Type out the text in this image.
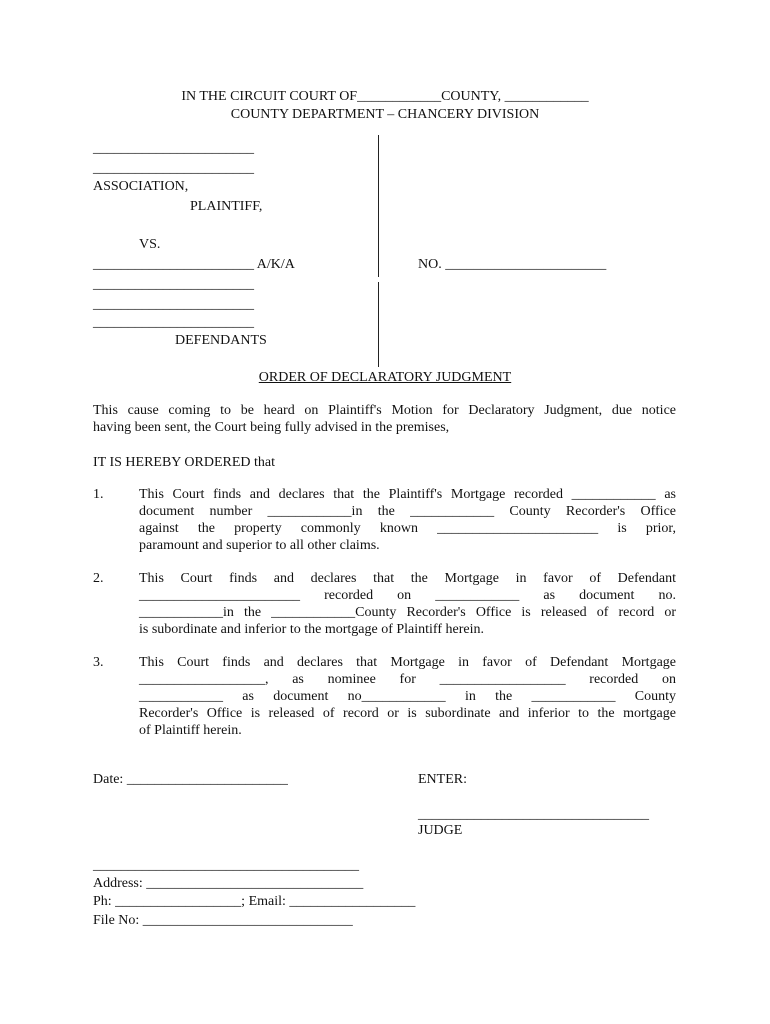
IN THE CIRCUIT COURT OF____________COUNTY, ____________
COUNTY DEPARTMENT – CHANCERY DIVISION
_______________________
_______________________
ASSOCIATION,
PLAINTIFF,
VS.
_______________________ A/K/A
_______________________
_______________________
_______________________
DEFENDANTS
NO. _______________________
ORDER OF DECLARATORY JUDGMENT
This cause coming to be heard on Plaintiff's Motion for Declaratory Judgment, due notice
having been sent, the Court being fully advised in the premises,
IT IS HEREBY ORDERED that
1.	This Court finds and declares that the Plaintiff's Mortgage recorded ____________ as
document number ____________in the ____________ County Recorder's Office
against the property commonly known _______________________ is prior,
paramount and superior to all other claims.
2.	This Court finds and declares that the Mortgage in favor of Defendant
_______________________ recorded on ____________ as document no.
____________in the ____________County Recorder's Office is released of record or
is subordinate and inferior to the mortgage of Plaintiff herein.
3.	This Court finds and declares that Mortgage in favor of Defendant Mortgage
__________________, as nominee for __________________ recorded on
____________ as document no____________ in the ____________ County
Recorder's Office is released of record or is subordinate and inferior to the mortgage
of Plaintiff herein.
Date: _______________________	ENTER:
_________________________________
JUDGE
______________________________________
Address: _______________________________
Ph: __________________; Email: __________________
File No: ______________________________
